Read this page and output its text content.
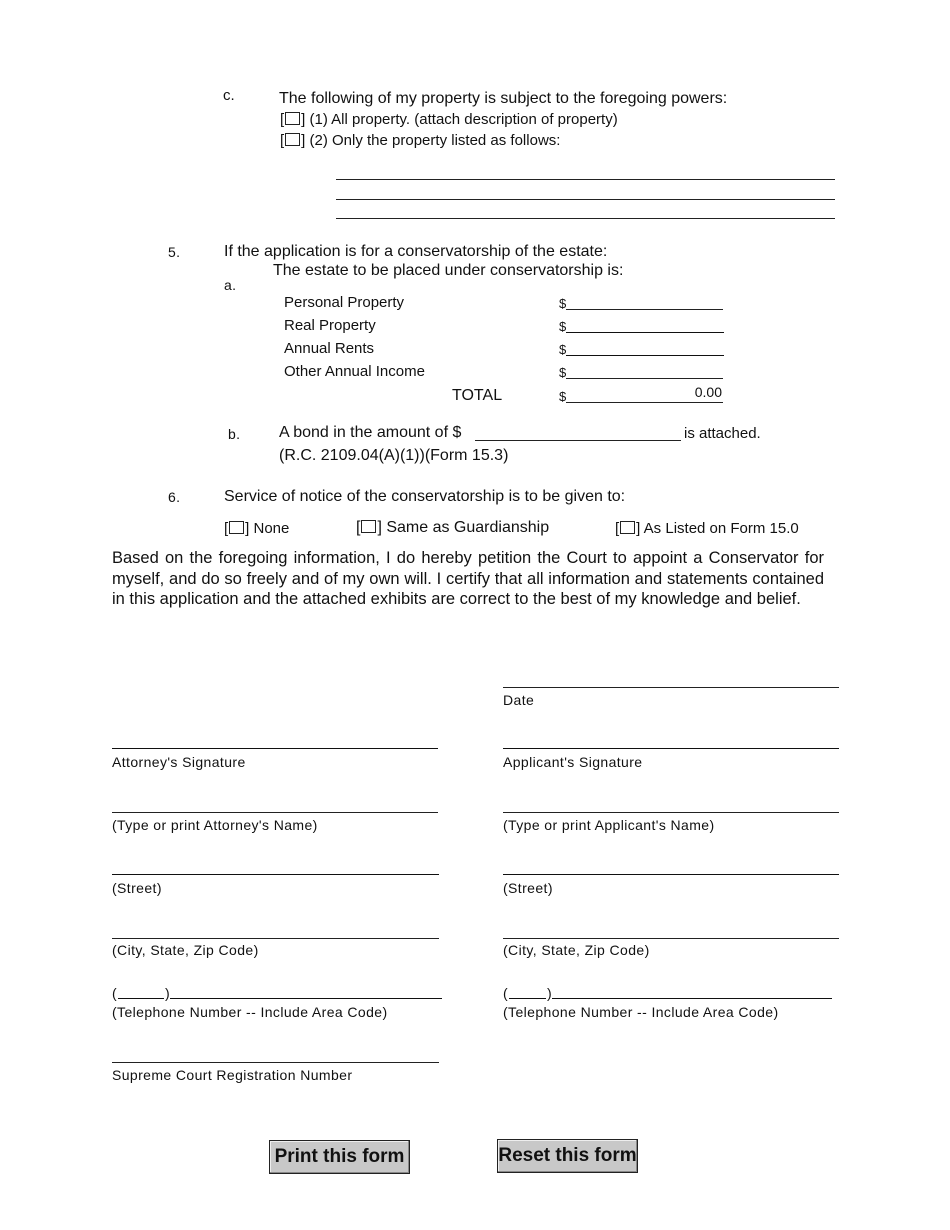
c.	The following of my property is subject to the foregoing powers:
[ ] (1) All property. (attach description of property)
[ ] (2) Only the property listed as follows:
5.	If the application is for a conservatorship of the estate:
The estate to be placed under conservatorship is:
a.
Personal Property	$
Real Property	$
Annual Rents	$
Other Annual Income	$
TOTAL	$	0.00
b. A bond in the amount of $	is attached.
(R.C. 2109.04(A)(1))(Form 15.3)
6.	Service of notice of the conservatorship is to be given to:
[ ] None	[ ] Same as Guardianship	[ ] As Listed on Form 15.0
Based on the foregoing information, I do hereby petition the Court to appoint a Conservator for myself, and do so freely and of my own will. I certify that all information and statements contained in this application and the attached exhibits are correct to the best of my knowledge and belief.
Date
Attorney's Signature	Applicant's Signature
(Type or print Attorney's Name)	(Type or print Applicant's Name)
(Street)	(Street)
(City, State, Zip Code)	(City, State, Zip Code)
(	)
(Telephone Number -- Include Area Code)
(	)
(Telephone Number -- Include Area Code)
Supreme Court Registration Number
Print this form	Reset this form
